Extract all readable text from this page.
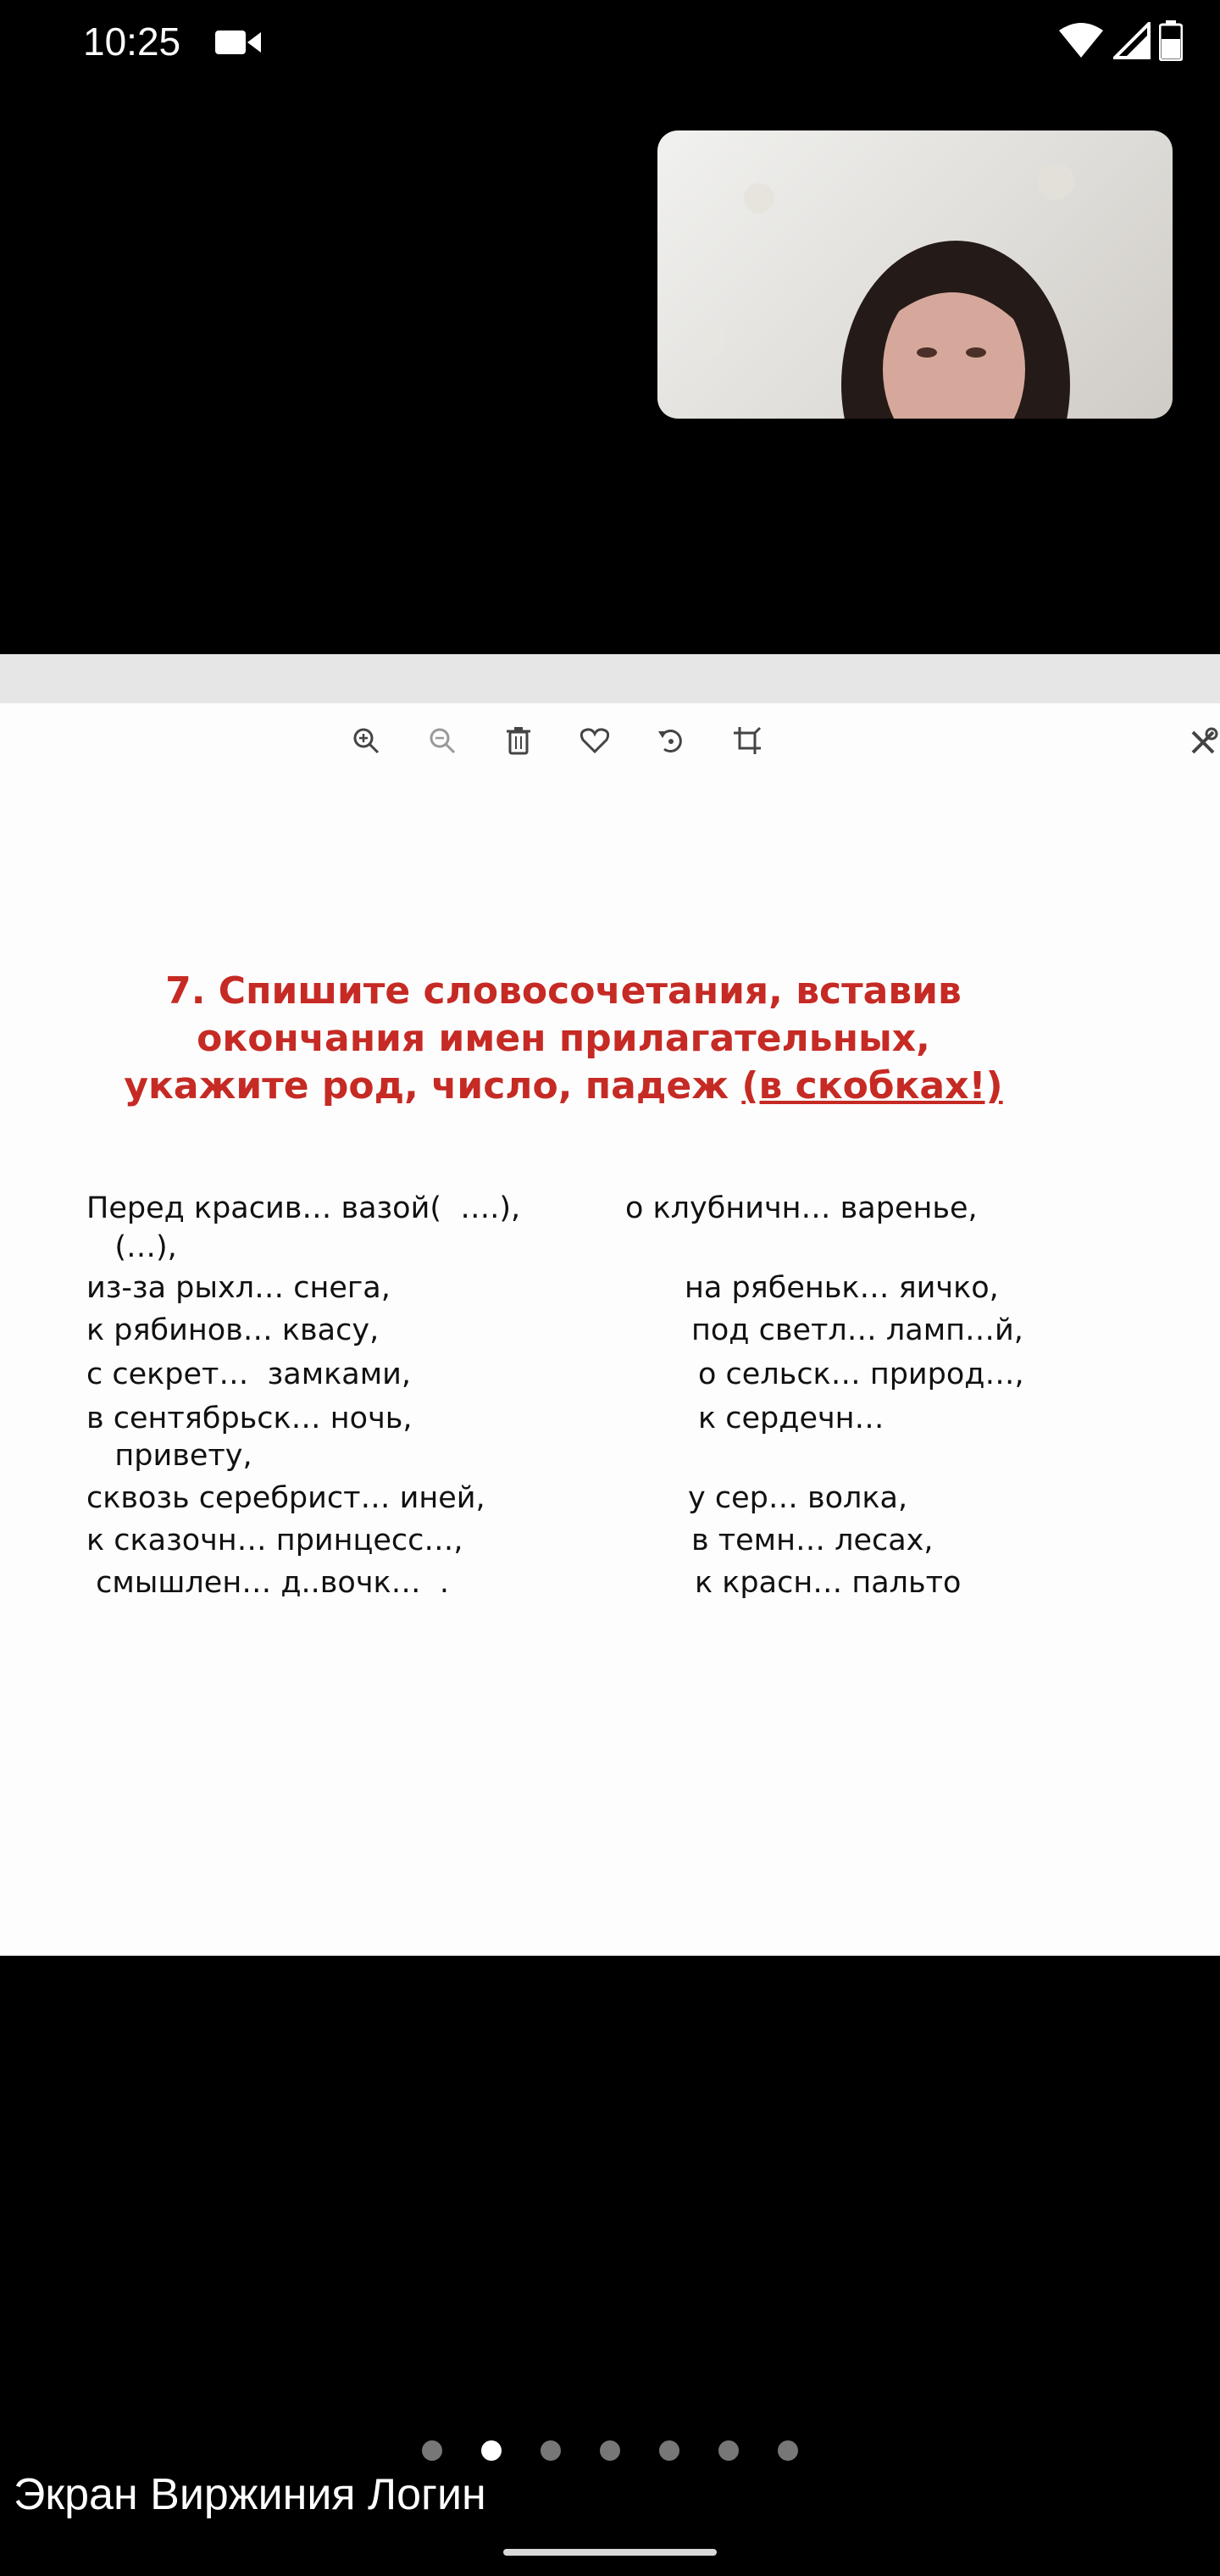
10:25
7. Спишите словосочетания, вставив окончания имен прилагательных, укажите род, число, падеж (в скобках!)
Перед красив… вазой(  ….),
(…),
из-за рыхл… снега,
к рябинов… квасу,
с секрет…  замками,
в сентябрьск… ночь,
привету,
сквозь серебрист… иней,
к сказочн… принцесс…,
смышлен… д..вочк…  .
о клубничн… варенье,
на рябеньк… яичко,
под светл… ламп…й,
о сельск… природ…,
к сердечн…
у сер… волка,
в темн… лесах,
к красн… пальто
Экран Виржиния Логин
